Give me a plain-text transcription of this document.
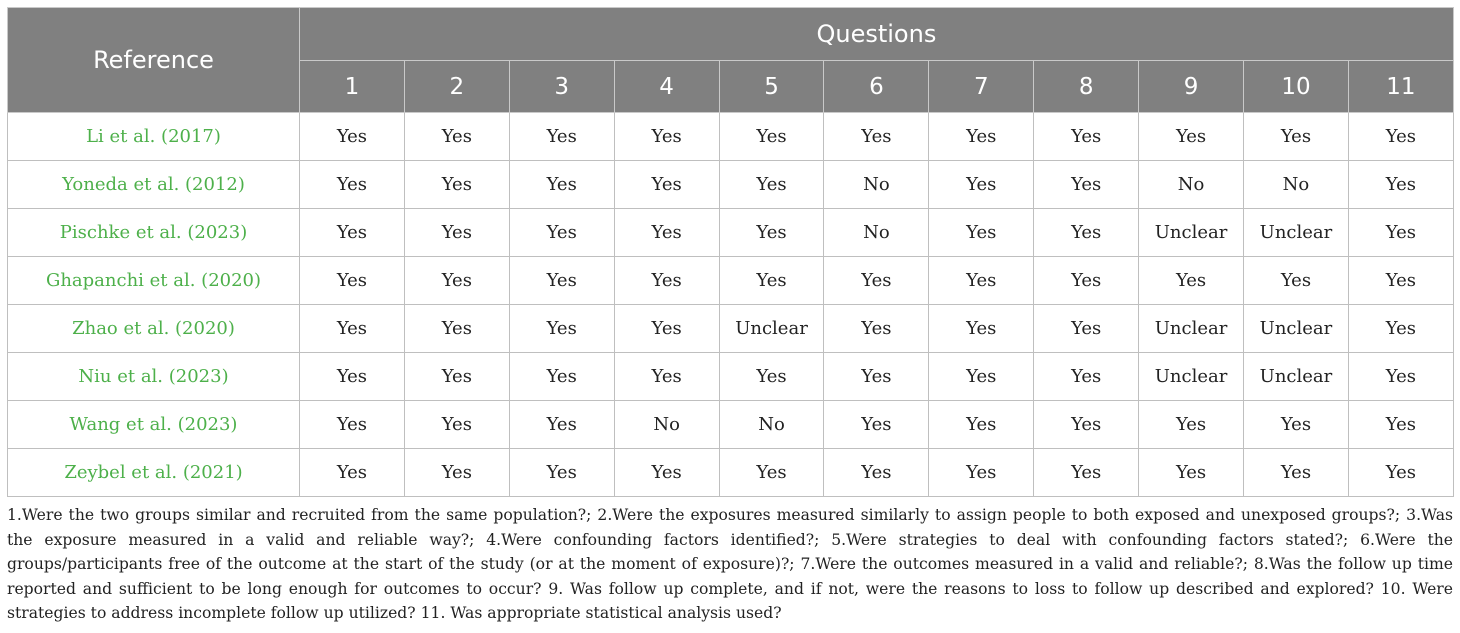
Reference	Questions										
	1	2	3	4	5	6	7	8	9	10	11
Li et al. (2017)	Yes	Yes	Yes	Yes	Yes	Yes	Yes	Yes	Yes	Yes	Yes
Yoneda et al. (2012)	Yes	Yes	Yes	Yes	Yes	No	Yes	Yes	No	No	Yes
Pischke et al. (2023)	Yes	Yes	Yes	Yes	Yes	No	Yes	Yes	Unclear	Unclear	Yes
Ghapanchi et al. (2020)	Yes	Yes	Yes	Yes	Yes	Yes	Yes	Yes	Yes	Yes	Yes
Zhao et al. (2020)	Yes	Yes	Yes	Yes	Unclear	Yes	Yes	Yes	Unclear	Unclear	Yes
Niu et al. (2023)	Yes	Yes	Yes	Yes	Yes	Yes	Yes	Yes	Unclear	Unclear	Yes
Wang et al. (2023)	Yes	Yes	Yes	No	No	Yes	Yes	Yes	Yes	Yes	Yes
Zeybel et al. (2021)	Yes	Yes	Yes	Yes	Yes	Yes	Yes	Yes	Yes	Yes	Yes

1.Were the two groups similar and recruited from the same population?; 2.Were the exposures measured similarly to assign people to both exposed and unexposed groups?; 3.Was the exposure measured in a valid and reliable way?; 4.Were confounding factors identified?; 5.Were strategies to deal with confounding factors stated?; 6.Were the groups/participants free of the outcome at the start of the study (or at the moment of exposure)?; 7.Were the outcomes measured in a valid and reliable?; 8.Was the follow up time reported and sufficient to be long enough for outcomes to occur? 9. Was follow up complete, and if not, were the reasons to loss to follow up described and explored? 10. Were strategies to address incomplete follow up utilized? 11. Was appropriate statistical analysis used?
